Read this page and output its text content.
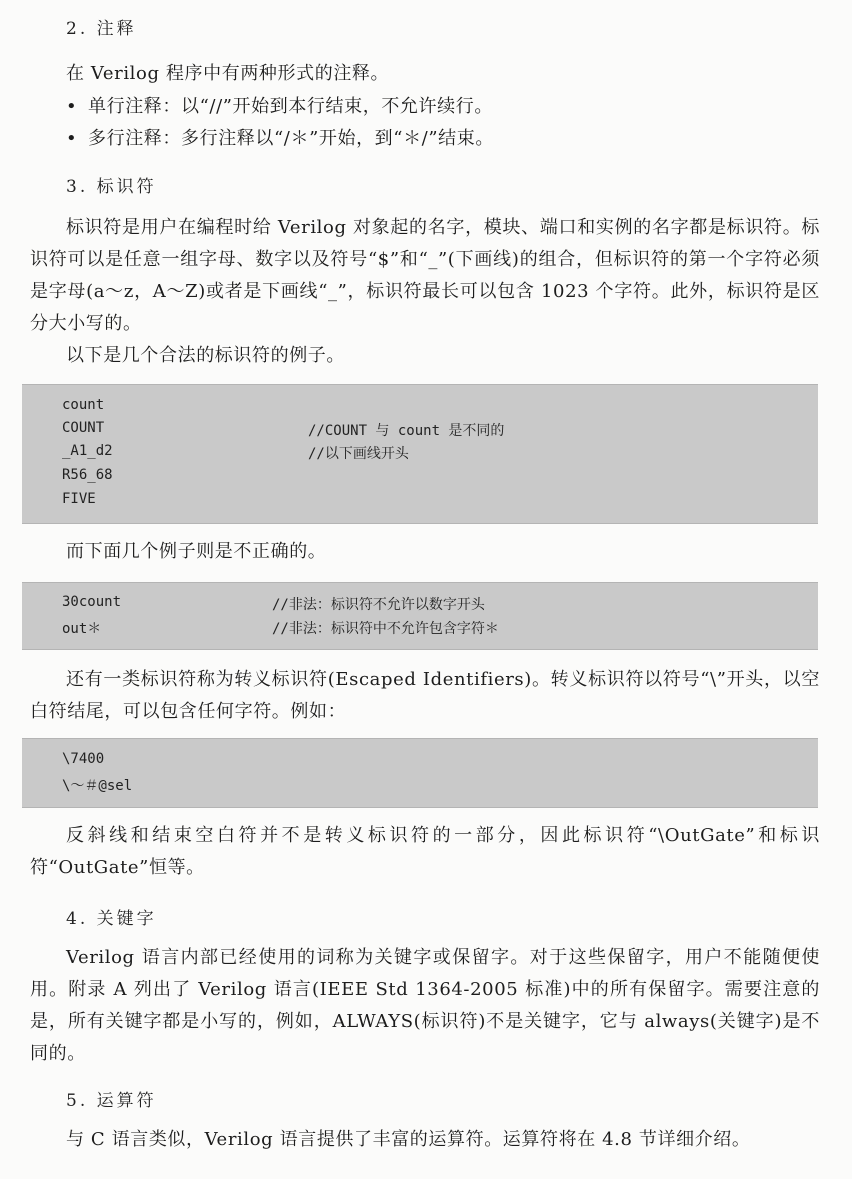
2. 注释
在 Verilog 程序中有两种形式的注释。
• 单行注释：以“//”开始到本行结束，不允许续行。
• 多行注释：多行注释以“/＊”开始，到“＊/”结束。
3. 标识符
标识符是用户在编程时给 Verilog 对象起的名字，模块、端口和实例的名字都是标识符。标识符可以是任意一组字母、数字以及符号“$”和“_”(下画线)的组合，但标识符的第一个字符必须是字母(a～z，A～Z)或者是下画线“_”，标识符最长可以包含 1023 个字符。此外，标识符是区分大小写的。
以下是几个合法的标识符的例子。
count
COUNT	//COUNT 与 count 是不同的
_A1_d2	//以下画线开头
R56_68
FIVE
而下面几个例子则是不正确的。
30count	//非法：标识符不允许以数字开头
out＊	//非法：标识符中不允许包含字符＊
还有一类标识符称为转义标识符(Escaped Identifiers)。转义标识符以符号“\”开头，以空白符结尾，可以包含任何字符。例如：
\7400
\～＃@sel
反斜线和结束空白符并不是转义标识符的一部分，因此标识符“\OutGate”和标识符“OutGate”恒等。
4. 关键字
Verilog 语言内部已经使用的词称为关键字或保留字。对于这些保留字，用户不能随便使用。附录 A 列出了 Verilog 语言(IEEE Std 1364-2005 标准)中的所有保留字。需要注意的是，所有关键字都是小写的，例如，ALWAYS(标识符)不是关键字，它与 always(关键字)是不同的。
5. 运算符
与 C 语言类似，Verilog 语言提供了丰富的运算符。运算符将在 4.8 节详细介绍。
